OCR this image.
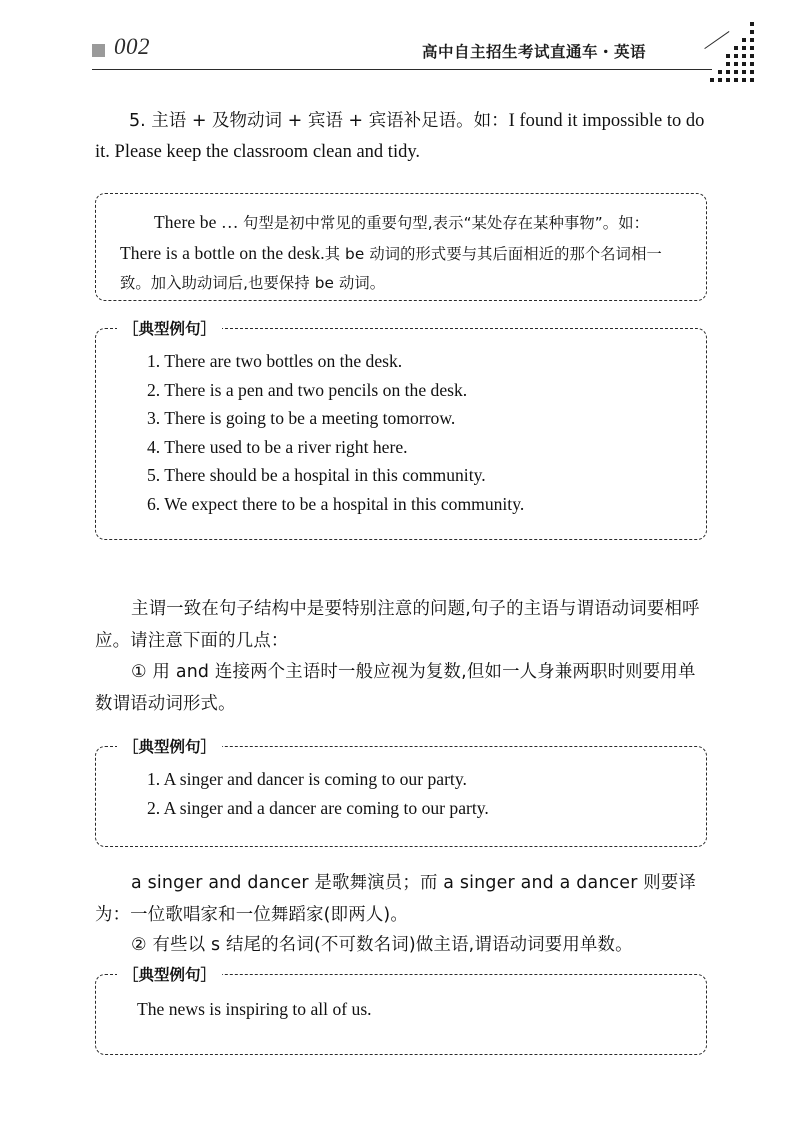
002	高中自主招生考试直通车・英语
5. 主语 + 及物动词 + 宾语 + 宾语补足语。如：I found it impossible to do it. Please keep the classroom clean and tidy.
There be … 句型是初中常见的重要句型,表示“某处存在某种事物”。如：There is a bottle on the desk.其 be 动词的形式要与其后面相近的那个名词相一致。加入助动词后,也要保持 be 动词。
［典型例句］
1. There are two bottles on the desk.
2. There is a pen and two pencils on the desk.
3. There is going to be a meeting tomorrow.
4. There used to be a river right here.
5. There should be a hospital in this community.
6. We expect there to be a hospital in this community.
主谓一致在句子结构中是要特别注意的问题,句子的主语与谓语动词要相呼应。请注意下面的几点：
① 用 and 连接两个主语时一般应视为复数,但如一人身兼两职时则要用单数谓语动词形式。
［典型例句］
1. A singer and dancer is coming to our party.
2. A singer and a dancer are coming to our party.
a singer and dancer 是歌舞演员；而 a singer and a dancer 则要译为：一位歌唱家和一位舞蹈家(即两人)。
② 有些以 s 结尾的名词(不可数名词)做主语,谓语动词要用单数。
［典型例句］
The news is inspiring to all of us.
